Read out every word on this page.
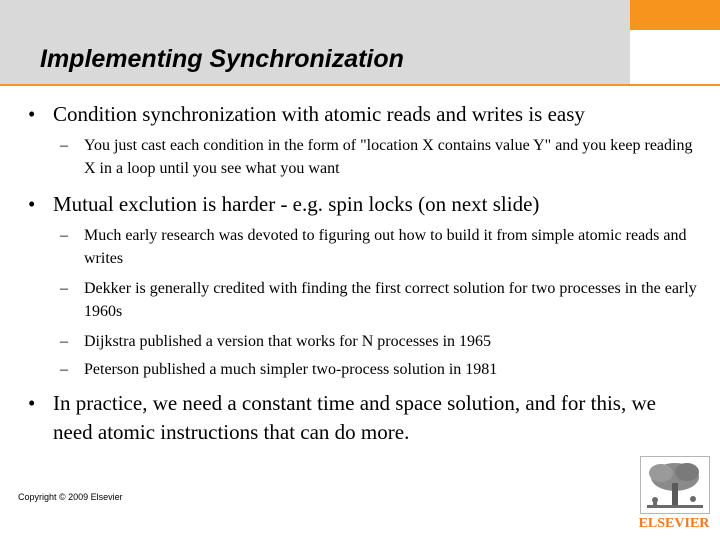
Implementing Synchronization
• Condition synchronization with atomic reads and writes is easy
– You just cast each condition in the form of "location X contains value Y" and you keep reading X in a loop until you see what you want
• Mutual exclution is harder - e.g. spin locks (on next slide)
– Much early research was devoted to figuring out how to build it from simple atomic reads and writes
– Dekker is generally credited with finding the first correct solution for two processes in the early 1960s
– Dijkstra published a version that works for N processes in 1965
– Peterson published a much simpler two-process solution in 1981
• In practice, we need a constant time and space solution, and for this, we need atomic instructions that can do more.
Copyright © 2009 Elsevier
ELSEVIER
